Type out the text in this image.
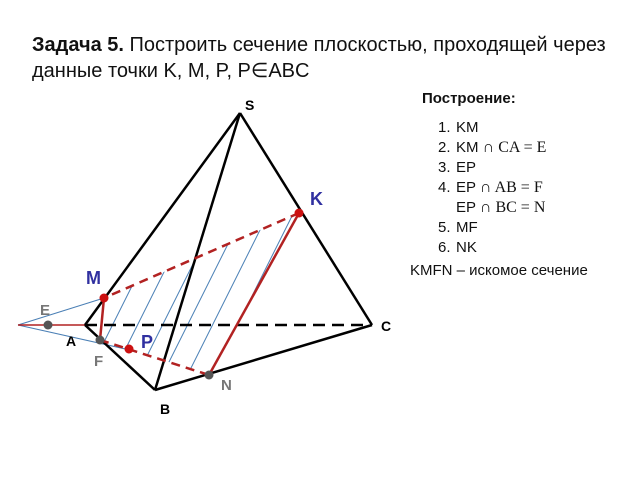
Задача 5. Построить сечение плоскостью, проходящей через данные точки K, M, P, P∈ABC
Построение:
1. KM
2. KM ∩ CA = E
3. EP
4. EP ∩ AB = F
EP ∩ BC = N
5. MF
6. NK
KMFN – искомое сечение
S
K
M
E
C
A	P
F
N
B
